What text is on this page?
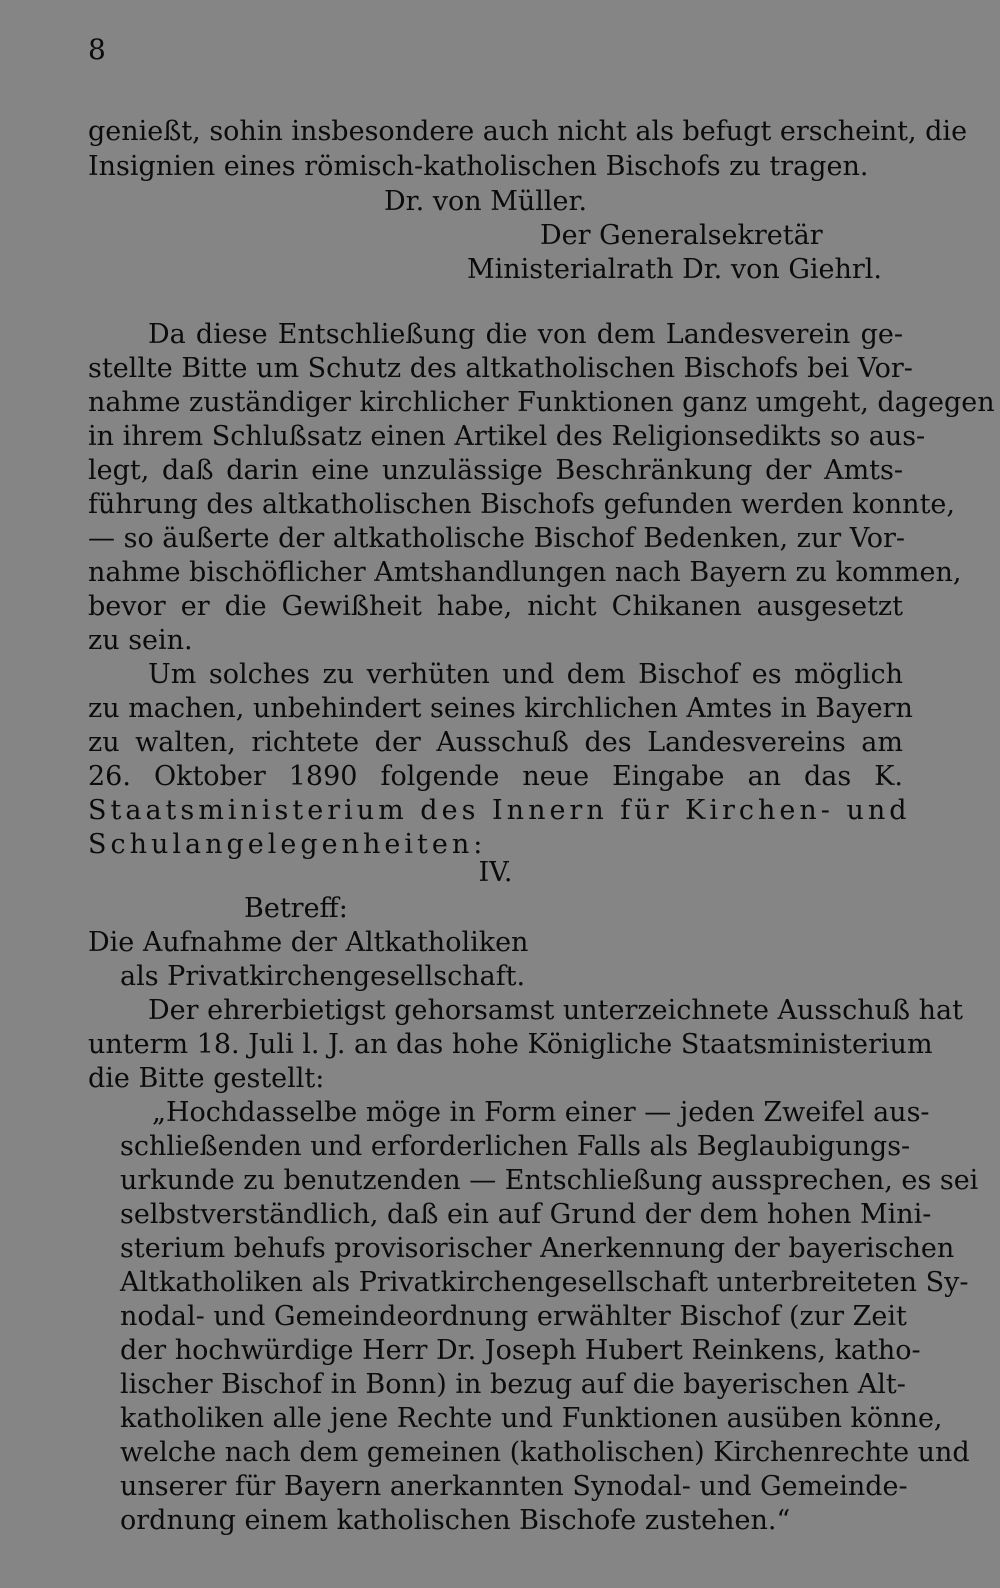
8
genießt, sohin insbesondere auch nicht als befugt erscheint, die
Insignien eines römisch-katholischen Bischofs zu tragen.
Dr. von Müller.
Der Generalsekretär
Ministerialrath Dr. von Giehrl.
Da diese Entschließung die von dem Landesverein ge-
stellte Bitte um Schutz des altkatholischen Bischofs bei Vor-
nahme zuständiger kirchlicher Funktionen ganz umgeht, dagegen
in ihrem Schlußsatz einen Artikel des Religionsedikts so aus-
legt, daß darin eine unzulässige Beschränkung der Amts-
führung des altkatholischen Bischofs gefunden werden konnte,
— so äußerte der altkatholische Bischof Bedenken, zur Vor-
nahme bischöflicher Amtshandlungen nach Bayern zu kommen,
bevor er die Gewißheit habe, nicht Chikanen ausgesetzt
zu sein.
Um solches zu verhüten und dem Bischof es möglich
zu machen, unbehindert seines kirchlichen Amtes in Bayern
zu walten, richtete der Ausschuß des Landesvereins am
26. Oktober 1890 folgende neue Eingabe an das K.
Staatsministerium des Innern für Kirchen- und
Schulangelegenheiten:
IV.
Betreff:
Die Aufnahme der Altkatholiken
als Privatkirchengesellschaft.
Der ehrerbietigst gehorsamst unterzeichnete Ausschuß hat
unterm 18. Juli l. J. an das hohe Königliche Staatsministerium
die Bitte gestellt:
„Hochdasselbe möge in Form einer — jeden Zweifel aus-
schließenden und erforderlichen Falls als Beglaubigungs-
urkunde zu benutzenden — Entschließung aussprechen, es sei
selbstverständlich, daß ein auf Grund der dem hohen Mini-
sterium behufs provisorischer Anerkennung der bayerischen
Altkatholiken als Privatkirchengesellschaft unterbreiteten Sy-
nodal- und Gemeindeordnung erwählter Bischof (zur Zeit
der hochwürdige Herr Dr. Joseph Hubert Reinkens, katho-
lischer Bischof in Bonn) in bezug auf die bayerischen Alt-
katholiken alle jene Rechte und Funktionen ausüben könne,
welche nach dem gemeinen (katholischen) Kirchenrechte und
unserer für Bayern anerkannten Synodal- und Gemeinde-
ordnung einem katholischen Bischofe zustehen.“
